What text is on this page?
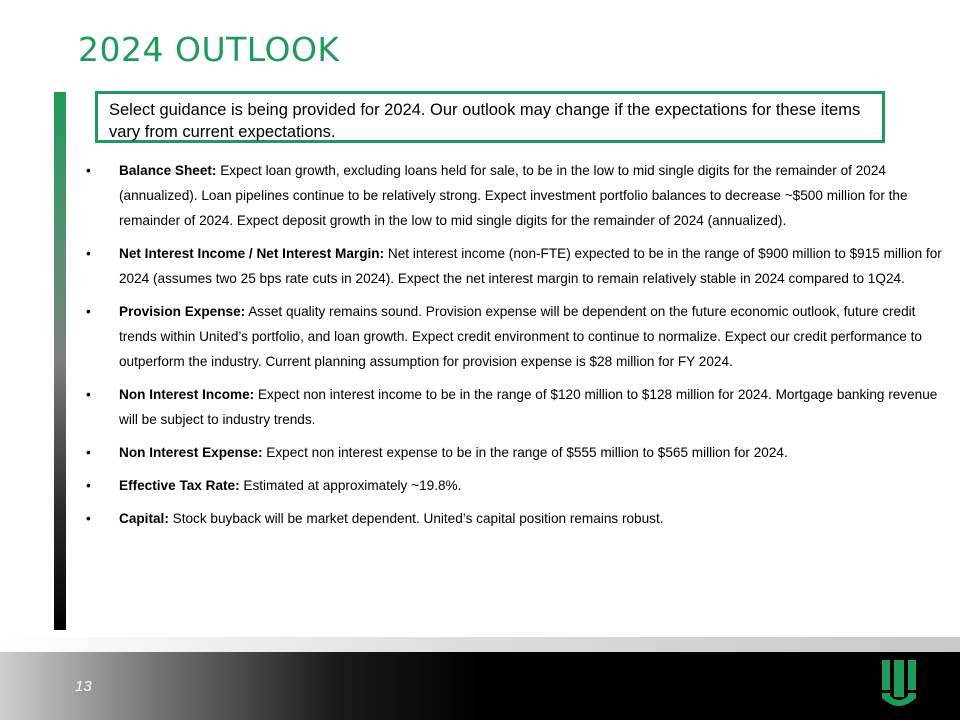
2024 OUTLOOK
Select guidance is being provided for 2024. Our outlook may change if the expectations for these items vary from current expectations.
• Balance Sheet: Expect loan growth, excluding loans held for sale, to be in the low to mid single digits for the remainder of 2024 (annualized). Loan pipelines continue to be relatively strong. Expect investment portfolio balances to decrease ~$500 million for the remainder of 2024. Expect deposit growth in the low to mid single digits for the remainder of 2024 (annualized).
• Net Interest Income / Net Interest Margin: Net interest income (non-FTE) expected to be in the range of $900 million to $915 million for 2024 (assumes two 25 bps rate cuts in 2024). Expect the net interest margin to remain relatively stable in 2024 compared to 1Q24.
• Provision Expense: Asset quality remains sound. Provision expense will be dependent on the future economic outlook, future credit trends within United’s portfolio, and loan growth. Expect credit environment to continue to normalize. Expect our credit performance to outperform the industry. Current planning assumption for provision expense is $28 million for FY 2024.
• Non Interest Income: Expect non interest income to be in the range of $120 million to $128 million for 2024. Mortgage banking revenue will be subject to industry trends.
• Non Interest Expense: Expect non interest expense to be in the range of $555 million to $565 million for 2024.
• Effective Tax Rate: Estimated at approximately ~19.8%.
• Capital: Stock buyback will be market dependent. United’s capital position remains robust.
13
